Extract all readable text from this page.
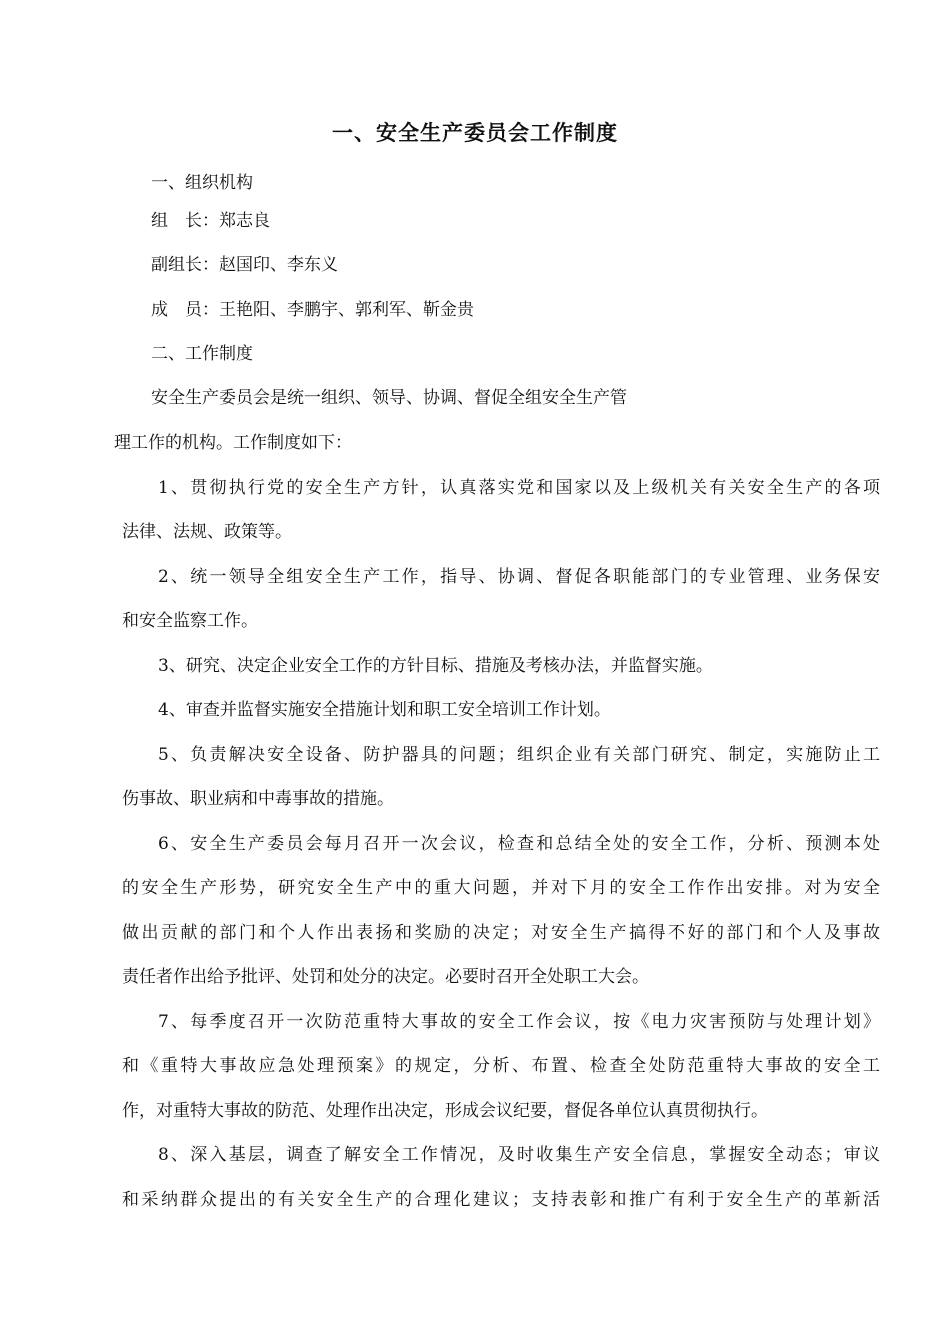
一、安全生产委员会工作制度

一、组织机构

组　长：郑志良

副组长：赵国印、李东义

成　员：王艳阳、李鹏宇、郭利军、靳金贵

二、工作制度

安全生产委员会是统一组织、领导、协调、督促全组安全生产管

理工作的机构。工作制度如下：

1、贯彻执行党的安全生产方针，认真落实党和国家以及上级机关有关安全生产的各项

法律、法规、政策等。

2、统一领导全组安全生产工作，指导、协调、督促各职能部门的专业管理、业务保安

和安全监察工作。

3、研究、决定企业安全工作的方针目标、措施及考核办法，并监督实施。

4、审查并监督实施安全措施计划和职工安全培训工作计划。

5、负责解决安全设备、防护器具的问题；组织企业有关部门研究、制定，实施防止工

伤事故、职业病和中毒事故的措施。

6、安全生产委员会每月召开一次会议，检查和总结全处的安全工作，分析、预测本处

的安全生产形势，研究安全生产中的重大问题，并对下月的安全工作作出安排。对为安全

做出贡献的部门和个人作出表扬和奖励的决定；对安全生产搞得不好的部门和个人及事故

责任者作出给予批评、处罚和处分的决定。必要时召开全处职工大会。

7、每季度召开一次防范重特大事故的安全工作会议，按《电力灾害预防与处理计划》

和《重特大事故应急处理预案》的规定，分析、布置、检查全处防范重特大事故的安全工

作，对重特大事故的防范、处理作出决定，形成会议纪要，督促各单位认真贯彻执行。

8、深入基层，调查了解安全工作情况，及时收集生产安全信息，掌握安全动态；审议

和采纳群众提出的有关安全生产的合理化建议；支持表彰和推广有利于安全生产的革新活
